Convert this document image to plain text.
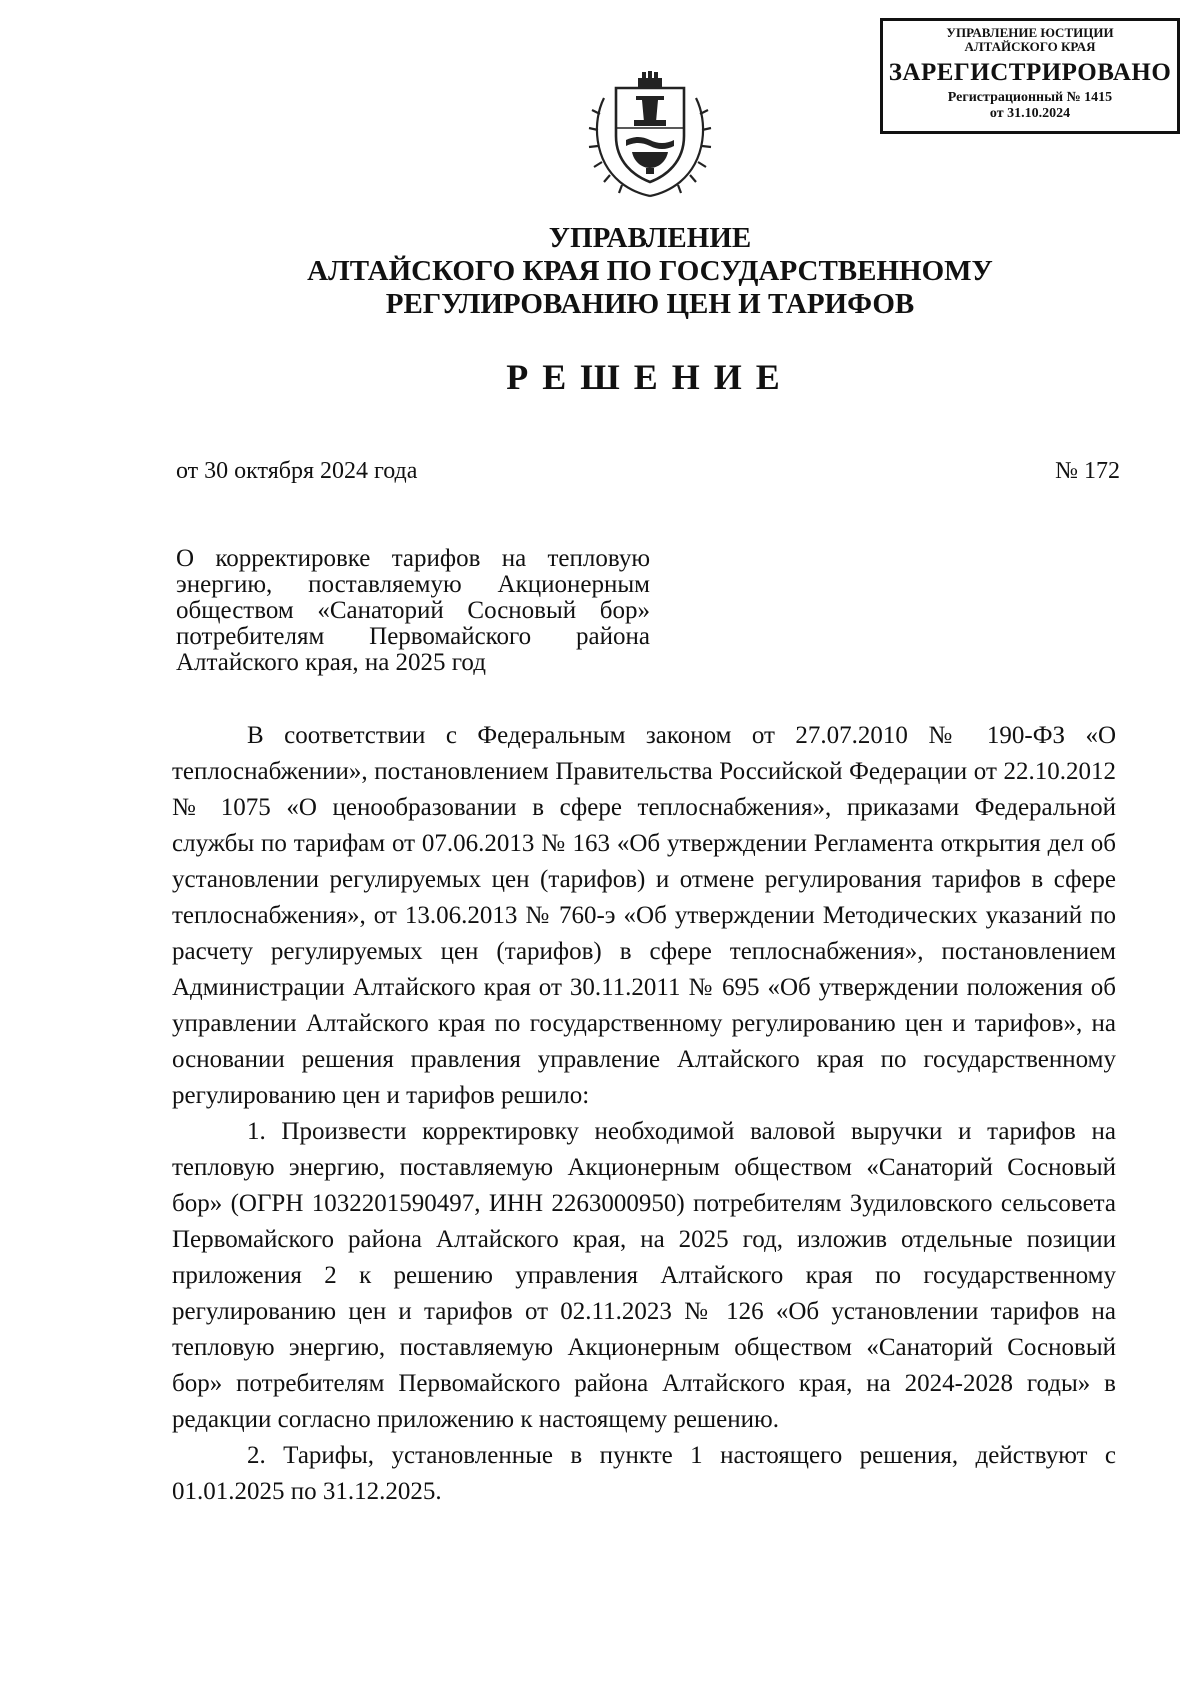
УПРАВЛЕНИЕ ЮСТИЦИИ АЛТАЙСКОГО КРАЯ
ЗАРЕГИСТРИРОВАНО
Регистрационный № 1415
от 31.10.2024
УПРАВЛЕНИЕ
АЛТАЙСКОГО КРАЯ ПО ГОСУДАРСТВЕННОМУ
РЕГУЛИРОВАНИЮ ЦЕН И ТАРИФОВ
РЕШЕНИЕ
от 30 октября 2024 года	№ 172
О корректировке тарифов на тепловую
энергию, поставляемую Акционерным
обществом «Санаторий Сосновый бор»
потребителям Первомайского района
Алтайского края, на 2025 год

В соответствии с Федеральным законом от 27.07.2010 № 190-ФЗ «О теплоснабжении», постановлением Правительства Российской Федерации от 22.10.2012 № 1075 «О ценообразовании в сфере теплоснабжения», приказами Федеральной службы по тарифам от 07.06.2013 № 163 «Об утверждении Регламента открытия дел об установлении регулируемых цен (тарифов) и отмене регулирования тарифов в сфере теплоснабжения», от 13.06.2013 № 760-э «Об утверждении Методических указаний по расчету регулируемых цен (тарифов) в сфере теплоснабжения», постановлением Администрации Алтайского края от 30.11.2011 № 695 «Об утверждении положения об управлении Алтайского края по государственному регулированию цен и тарифов», на основании решения правления управление Алтайского края по государственному регулированию цен и тарифов решило:

1. Произвести корректировку необходимой валовой выручки и тарифов на тепловую энергию, поставляемую Акционерным обществом «Санаторий Сосновый бор» (ОГРН 1032201590497, ИНН 2263000950) потребителям Зудиловского сельсовета Первомайского района Алтайского края, на 2025 год, изложив отдельные позиции приложения 2 к решению управления Алтайского края по государственному регулированию цен и тарифов от 02.11.2023 № 126 «Об установлении тарифов на тепловую энергию, поставляемую Акционерным обществом «Санаторий Сосновый бор» потребителям Первомайского района Алтайского края, на 2024-2028 годы» в редакции согласно приложению к настоящему решению.

2. Тарифы, установленные в пункте 1 настоящего решения, действуют с 01.01.2025 по 31.12.2025.
